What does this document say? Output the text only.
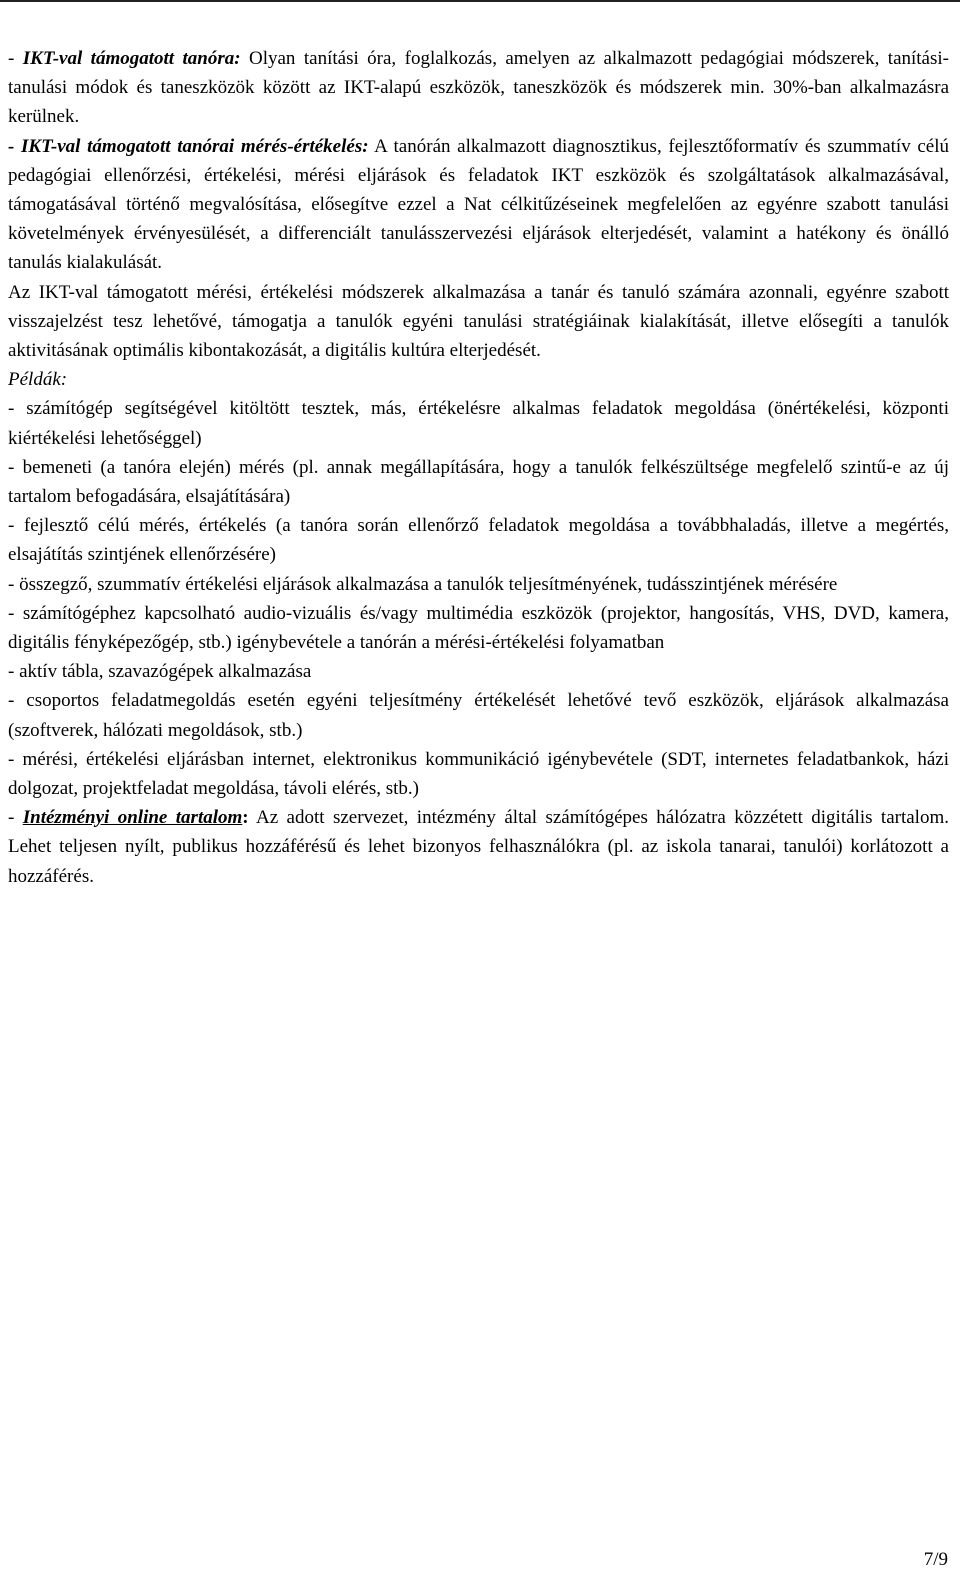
- IKT-val támogatott tanóra: Olyan tanítási óra, foglalkozás, amelyen az alkalmazott pedagógiai módszerek, tanítási-tanulási módok és taneszközök között az IKT-alapú eszközök, taneszközök és módszerek min. 30%-ban alkalmazásra kerülnek.

- IKT-val támogatott tanórai mérés-értékelés: A tanórán alkalmazott diagnosztikus, fejlesztőformatív és szummatív célú pedagógiai ellenőrzési, értékelési, mérési eljárások és feladatok IKT eszközök és szolgáltatások alkalmazásával, támogatásával történő megvalósítása, elősegítve ezzel a Nat célkitűzéseinek megfelelően az egyénre szabott tanulási követelmények érvényesülését, a differenciált tanulásszervezési eljárások elterjedését, valamint a hatékony és önálló tanulás kialakulását.

Az IKT-val támogatott mérési, értékelési módszerek alkalmazása a tanár és tanuló számára azonnali, egyénre szabott visszajelzést tesz lehetővé, támogatja a tanulók egyéni tanulási stratégiáinak kialakítását, illetve elősegíti a tanulók aktivitásának optimális kibontakozását, a digitális kultúra elterjedését.

Példák:

- számítógép segítségével kitöltött tesztek, más, értékelésre alkalmas feladatok megoldása (önértékelési, központi kiértékelési lehetőséggel)

- bemeneti (a tanóra elején) mérés (pl. annak megállapítására, hogy a tanulók felkészültsége megfelelő szintű-e az új tartalom befogadására, elsajátítására)

- fejlesztő célú mérés, értékelés (a tanóra során ellenőrző feladatok megoldása a továbbhaladás, illetve a megértés, elsajátítás szintjének ellenőrzésére)

- összegző, szummatív értékelési eljárások alkalmazása a tanulók teljesítményének, tudásszintjének mérésére

- számítógéphez kapcsolható audio-vizuális és/vagy multimédia eszközök (projektor, hangosítás, VHS, DVD, kamera, digitális fényképezőgép, stb.) igénybevétele a tanórán a mérési-értékelési folyamatban

- aktív tábla, szavazógépek alkalmazása

- csoportos feladatmegoldás esetén egyéni teljesítmény értékelését lehetővé tevő eszközök, eljárások alkalmazása (szoftverek, hálózati megoldások, stb.)

- mérési, értékelési eljárásban internet, elektronikus kommunikáció igénybevétele (SDT, internetes feladatbankok, házi dolgozat, projektfeladat megoldása, távoli elérés, stb.)

- Intézményi online tartalom: Az adott szervezet, intézmény által számítógépes hálózatra közzétett digitális tartalom. Lehet teljesen nyílt, publikus hozzáférésű és lehet bizonyos felhasználókra (pl. az iskola tanarai, tanulói) korlátozott a hozzáférés.

7/9
